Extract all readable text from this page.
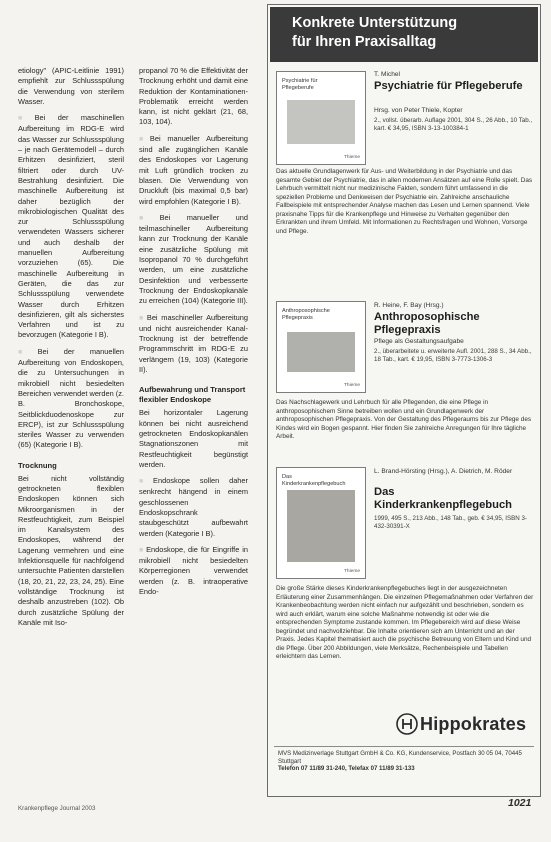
etiology" (APIC-Leitlinie 1991) empfiehlt zur Schlussspülung die Verwendung von sterilem Wasser.

■ Bei der maschinellen Aufbereitung im RDG-E wird das Wasser zur Schlussspülung – je nach Gerätemodell – durch Erhitzen desinfiziert, steril filtriert oder durch UV-Bestrahlung desinfiziert. Die maschinelle Aufbereitung ist daher bezüglich der mikrobiologischen Qualität des zur Schlussspülung verwendeten Wassers sicherer und auch deshalb der manuellen Aufbereitung vorzuziehen (65). Die maschinelle Aufbereitung in Geräten, die das zur Schlussspülung verwendete Wasser durch Erhitzen desinfizieren, gilt als sicherstes Verfahren und ist zu bevorzugen (Kategorie I B).

■ Bei der manuellen Aufbereitung von Endoskopen, die zu Untersuchungen in mikrobiell nicht besiedelten Bereichen verwendet werden (z. B. Bronchoskope, Seitblickduodenoskope zur ERCP), ist zur Schlussspülung steriles Wasser zu verwenden (65) (Kategorie I B).

Trocknung

Bei nicht vollständig getrockneten flexiblen Endoskopen können sich Mikroorganismen in der Restfeuchtigkeit, zum Beispiel im Kanalsystem des Endoskopes, während der Lagerung vermehren und eine Infektionsquelle für nachfolgend untersuchte Patienten darstellen (18, 20, 21, 22, 23, 24, 25). Eine vollständige Trocknung ist deshalb anzustreben (102). Ob durch zusätzliche Spülung der Kanäle mit Iso-

propanol 70 % die Effektivität der Trocknung erhöht und damit eine Reduktion der Kontaminationen-Problematik erreicht werden kann, ist nicht geklärt (21, 68, 103, 104).

■ Bei manueller Aufbereitung sind alle zugänglichen Kanäle des Endoskopes vor Lagerung mit Luft gründlich trocken zu blasen. Die Verwendung von Druckluft (bis maximal 0,5 bar) wird empfohlen (Kategorie I B).

■ Bei manueller und teilmaschineller Aufbereitung kann zur Trocknung der Kanäle eine zusätzliche Spülung mit Isopropanol 70 % durchgeführt werden, um eine zusätzliche Desinfektion und verbesserte Trocknung der Endoskopkanäle zu erreichen (104) (Kategorie III).

■ Bei maschineller Aufbereitung und nicht ausreichender Kanal-Trocknung ist der betreffende Programmschritt im RDG-E zu verlängern (19, 103) (Kategorie II).

Aufbewahrung und Transport flexibler Endoskope

Bei horizontaler Lagerung können bei nicht ausreichend getrockneten Endoskopkanälen Stagnationszonen mit Restfeuchtigkeit begünstigt werden.

■ Endoskope sollen daher senkrecht hängend in einem geschlossenen Endoskopschrank staubgeschützt aufbewahrt werden (Kategorie I B).

■ Endoskope, die für Eingriffe in mikrobiell nicht besiedelten Körperregionen verwendet werden (z. B. intraoperative Endo-

Konkrete Unterstützung
für Ihren Praxisalltag
Psychiatrie für Pflegeberufe
Thieme
T. Michel
Psychiatrie für Pflegeberufe
Hrsg. von Peter Thiele, Kopter
2., vollst. überarb. Auflage 2001, 304 S., 26 Abb., 10 Tab., kart. € 34,95, ISBN 3-13-100384-1
Das aktuelle Grundlagenwerk für Aus- und Weiterbildung in der Psychiatrie und das gesamte Gebiet der Psychiatrie, das in allen modernen Ansätzen auf eine Rolle spielt. Das Lehrbuch vermittelt nicht nur medizinische Fakten, sondern führt umfassend in die speziellen Probleme und Denkweisen der Psychiatrie ein. Zahlreiche anschauliche Fallbeispiele mit entsprechender Analyse machen das Lesen und Lernen spannend. Viele praxisnahe Tipps für die Krankenpflege und Hinweise zu Verhalten gegenüber den Erkrankten und ihrem Umfeld. Mit Informationen zu Rechtsfragen und Wohnen, Vorsorge und Pflege.
Anthroposophische Pflegepraxis
Thieme
R. Heine, F. Bay (Hrsg.)
Anthroposophische Pflegepraxis
Pflege als Gestaltungsaufgabe
2., überarbeitete u. erweiterte Aufl. 2001, 288 S., 34 Abb., 18 Tab., kart. € 19,95, ISBN 3-7773-1306-3
Das Nachschlagewerk und Lehrbuch für alle Pflegenden, die eine Pflege in anthroposophischem Sinne betreiben wollen und ein Grundlagenwerk der anthroposophischen Pflegepraxis. Von der Gestaltung des Pflegeraums bis zur Pflege des Kindes wird ein Bogen gespannt. Hier finden Sie zahlreiche Anregungen für Ihre tägliche Arbeit.
Das Kinderkrankenpflegebuch
Thieme
L. Brand-Hörsting (Hrsg.), A. Dietrich, M. Röder
Das Kinderkrankenpflegebuch
1999, 495 S., 213 Abb., 148 Tab., geb. € 34,95, ISBN 3-432-30391-X
Die große Stärke dieses Kinderkrankenpflegebuches liegt in der ausgezeichneten Erläuterung einer Zusammenhängen. Die einzelnen Pflegemaßnahmen oder Verfahren der Krankenbeobachtung werden nicht einfach nur aufgezählt und beschrieben, sondern es wird auch erklärt, warum eine solche Maßnahme notwendig ist oder wie die entsprechenden Symptome zustande kommen. Im Pflegebereich wird auf diese Weise begründet und nachvollziehbar. Die Inhalte orientieren sich am Unterricht und an der Praxis. Jedes Kapitel thematisiert auch die psychische Betreuung von Eltern und Kind und die Pflege. Über 200 Abbildungen, viele Merksätze, Rechenbeispiele und Tabellen erleichtern das Lernen.
Hippokrates
MVS Medizinverlage Stuttgart GmbH & Co. KG, Kundenservice, Postfach 30 05 04, 70445 Stuttgart
Telefon 07 11/89 31-240, Telefax 07 11/89 31-133
Krankenpflege Journal 2003	1021
